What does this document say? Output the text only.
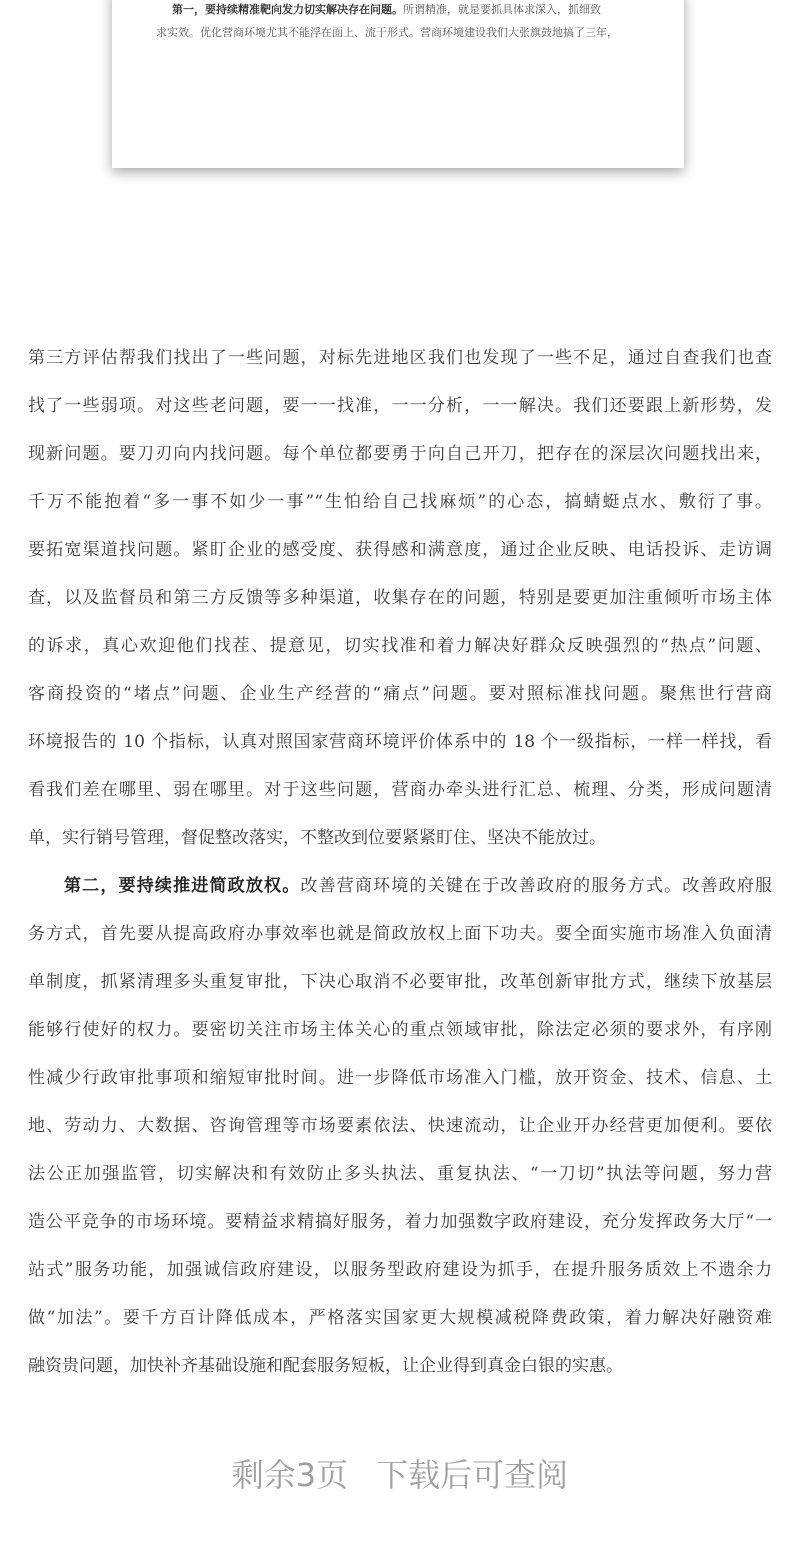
第一，要持续精准靶向发力切实解决存在问题。所谓精准，就是要抓具体求深入，抓细致
求实效。优化营商环境尤其不能浮在面上、流于形式。营商环境建设我们大张旗鼓地搞了三年，
第三方评估帮我们找出了一些问题，对标先进地区我们也发现了一些不足，通过自查我们也查
找了一些弱项。对这些老问题，要一一找准，一一分析，一一解决。我们还要跟上新形势，发
现新问题。要刀刃向内找问题。每个单位都要勇于向自己开刀，把存在的深层次问题找出来，
千万不能抱着“多一事不如少一事”“生怕给自己找麻烦”的心态，搞蜻蜓点水、敷衍了事。
要拓宽渠道找问题。紧盯企业的感受度、获得感和满意度，通过企业反映、电话投诉、走访调
查，以及监督员和第三方反馈等多种渠道，收集存在的问题，特别是要更加注重倾听市场主体
的诉求，真心欢迎他们找茬、提意见，切实找准和着力解决好群众反映强烈的“热点”问题、
客商投资的“堵点”问题、企业生产经营的“痛点”问题。要对照标准找问题。聚焦世行营商
环境报告的 10 个指标，认真对照国家营商环境评价体系中的 18 个一级指标，一样一样找，看
看我们差在哪里、弱在哪里。对于这些问题，营商办牵头进行汇总、梳理、分类，形成问题清
单，实行销号管理，督促整改落实，不整改到位要紧紧盯住、坚决不能放过。
第二，要持续推进简政放权。改善营商环境的关键在于改善政府的服务方式。改善政府服
务方式，首先要从提高政府办事效率也就是简政放权上面下功夫。要全面实施市场准入负面清
单制度，抓紧清理多头重复审批，下决心取消不必要审批，改革创新审批方式，继续下放基层
能够行使好的权力。要密切关注市场主体关心的重点领域审批，除法定必须的要求外，有序刚
性减少行政审批事项和缩短审批时间。进一步降低市场准入门槛，放开资金、技术、信息、土
地、劳动力、大数据、咨询管理等市场要素依法、快速流动，让企业开办经营更加便利。要依
法公正加强监管，切实解决和有效防止多头执法、重复执法、“一刀切”执法等问题，努力营
造公平竞争的市场环境。要精益求精搞好服务，着力加强数字政府建设，充分发挥政务大厅“一
站式”服务功能，加强诚信政府建设，以服务型政府建设为抓手，在提升服务质效上不遗余力
做“加法”。要千方百计降低成本，严格落实国家更大规模减税降费政策，着力解决好融资难
融资贵问题，加快补齐基础设施和配套服务短板，让企业得到真金白银的实惠。
剩余3页 下载后可查阅
